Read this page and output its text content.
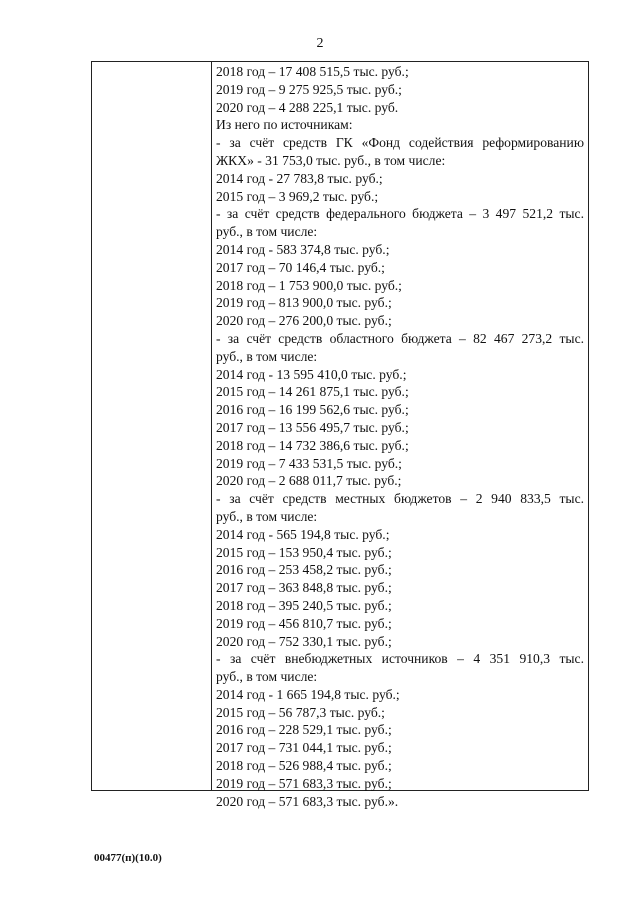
2
2018 год – 17 408 515,5 тыс. руб.;
2019 год – 9 275 925,5 тыс. руб.;
2020 год – 4 288 225,1 тыс. руб.
Из него по источникам:
- за счёт средств ГК «Фонд содействия реформированию
ЖКХ» - 31 753,0 тыс. руб., в том числе:
2014 год - 27 783,8 тыс. руб.;
2015 год – 3 969,2 тыс. руб.;
- за счёт средств федерального бюджета – 3 497 521,2 тыс.
руб., в том числе:
2014 год - 583 374,8 тыс. руб.;
2017 год – 70 146,4 тыс. руб.;
2018 год – 1 753 900,0 тыс. руб.;
2019 год – 813 900,0 тыс. руб.;
2020 год – 276 200,0 тыс. руб.;
- за счёт средств областного бюджета – 82 467 273,2 тыс.
руб., в том числе:
2014 год - 13 595 410,0 тыс. руб.;
2015 год – 14 261 875,1 тыс. руб.;
2016 год – 16 199 562,6 тыс. руб.;
2017 год – 13 556 495,7 тыс. руб.;
2018 год – 14 732 386,6 тыс. руб.;
2019 год – 7 433 531,5 тыс. руб.;
2020 год – 2 688 011,7 тыс. руб.;
- за счёт средств местных бюджетов – 2 940 833,5 тыс.
руб., в том числе:
2014 год - 565 194,8 тыс. руб.;
2015 год – 153 950,4 тыс. руб.;
2016 год – 253 458,2 тыс. руб.;
2017 год – 363 848,8 тыс. руб.;
2018 год – 395 240,5 тыс. руб.;
2019 год – 456 810,7 тыс. руб.;
2020 год – 752 330,1 тыс. руб.;
- за счёт внебюджетных источников – 4 351 910,3 тыс.
руб., в том числе:
2014 год - 1 665 194,8 тыс. руб.;
2015 год – 56 787,3 тыс. руб.;
2016 год – 228 529,1 тыс. руб.;
2017 год – 731 044,1 тыс. руб.;
2018 год – 526 988,4 тыс. руб.;
2019 год – 571 683,3 тыс. руб.;
2020 год – 571 683,3 тыс. руб.».
00477(п)(10.0)
